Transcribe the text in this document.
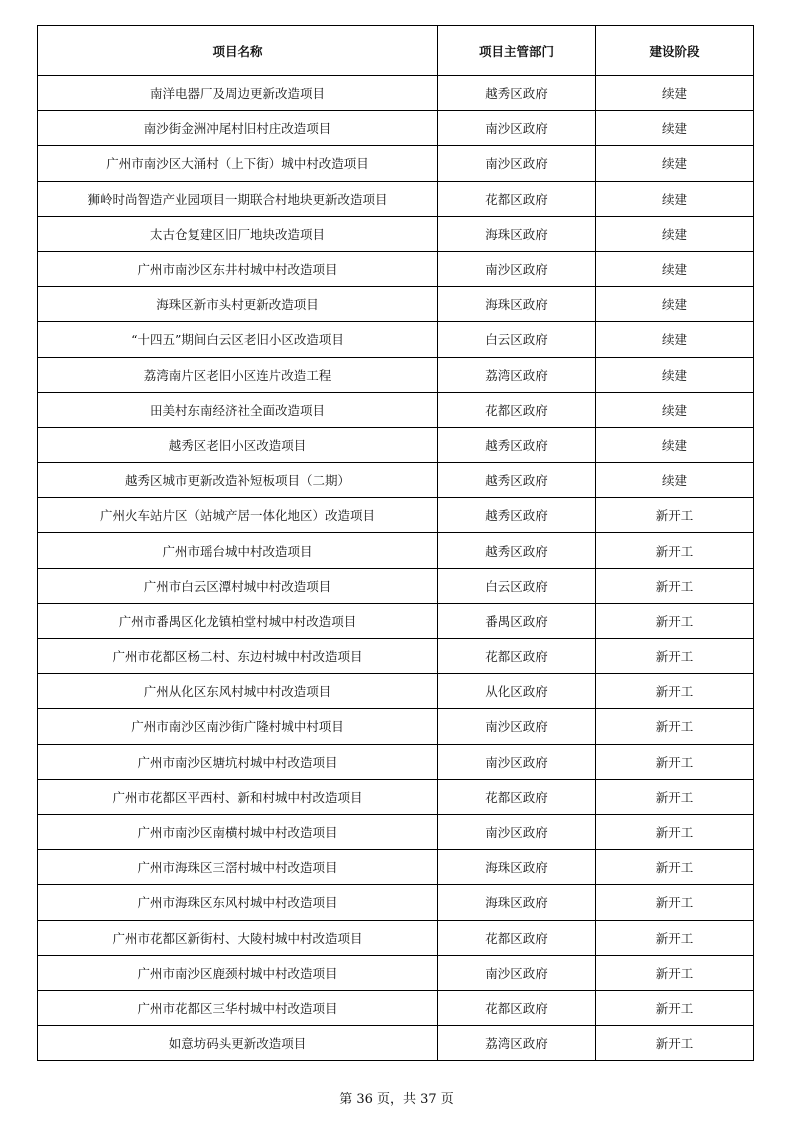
项目名称	项目主管部门	建设阶段
南洋电器厂及周边更新改造项目	越秀区政府	续建
南沙街金洲冲尾村旧村庄改造项目	南沙区政府	续建
广州市南沙区大涌村（上下街）城中村改造项目	南沙区政府	续建
狮岭时尚智造产业园项目一期联合村地块更新改造项目	花都区政府	续建
太古仓复建区旧厂地块改造项目	海珠区政府	续建
广州市南沙区东井村城中村改造项目	南沙区政府	续建
海珠区新市头村更新改造项目	海珠区政府	续建
“十四五”期间白云区老旧小区改造项目	白云区政府	续建
荔湾南片区老旧小区连片改造工程	荔湾区政府	续建
田美村东南经济社全面改造项目	花都区政府	续建
越秀区老旧小区改造项目	越秀区政府	续建
越秀区城市更新改造补短板项目（二期）	越秀区政府	续建
广州火车站片区（站城产居一体化地区）改造项目	越秀区政府	新开工
广州市瑶台城中村改造项目	越秀区政府	新开工
广州市白云区潭村城中村改造项目	白云区政府	新开工
广州市番禺区化龙镇柏堂村城中村改造项目	番禺区政府	新开工
广州市花都区杨二村、东边村城中村改造项目	花都区政府	新开工
广州从化区东风村城中村改造项目	从化区政府	新开工
广州市南沙区南沙街广隆村城中村项目	南沙区政府	新开工
广州市南沙区塘坑村城中村改造项目	南沙区政府	新开工
广州市花都区平西村、新和村城中村改造项目	花都区政府	新开工
广州市南沙区南横村城中村改造项目	南沙区政府	新开工
广州市海珠区三滘村城中村改造项目	海珠区政府	新开工
广州市海珠区东风村城中村改造项目	海珠区政府	新开工
广州市花都区新街村、大陵村城中村改造项目	花都区政府	新开工
广州市南沙区鹿颈村城中村改造项目	南沙区政府	新开工
广州市花都区三华村城中村改造项目	花都区政府	新开工
如意坊码头更新改造项目	荔湾区政府	新开工
第 36 页，共 37 页
